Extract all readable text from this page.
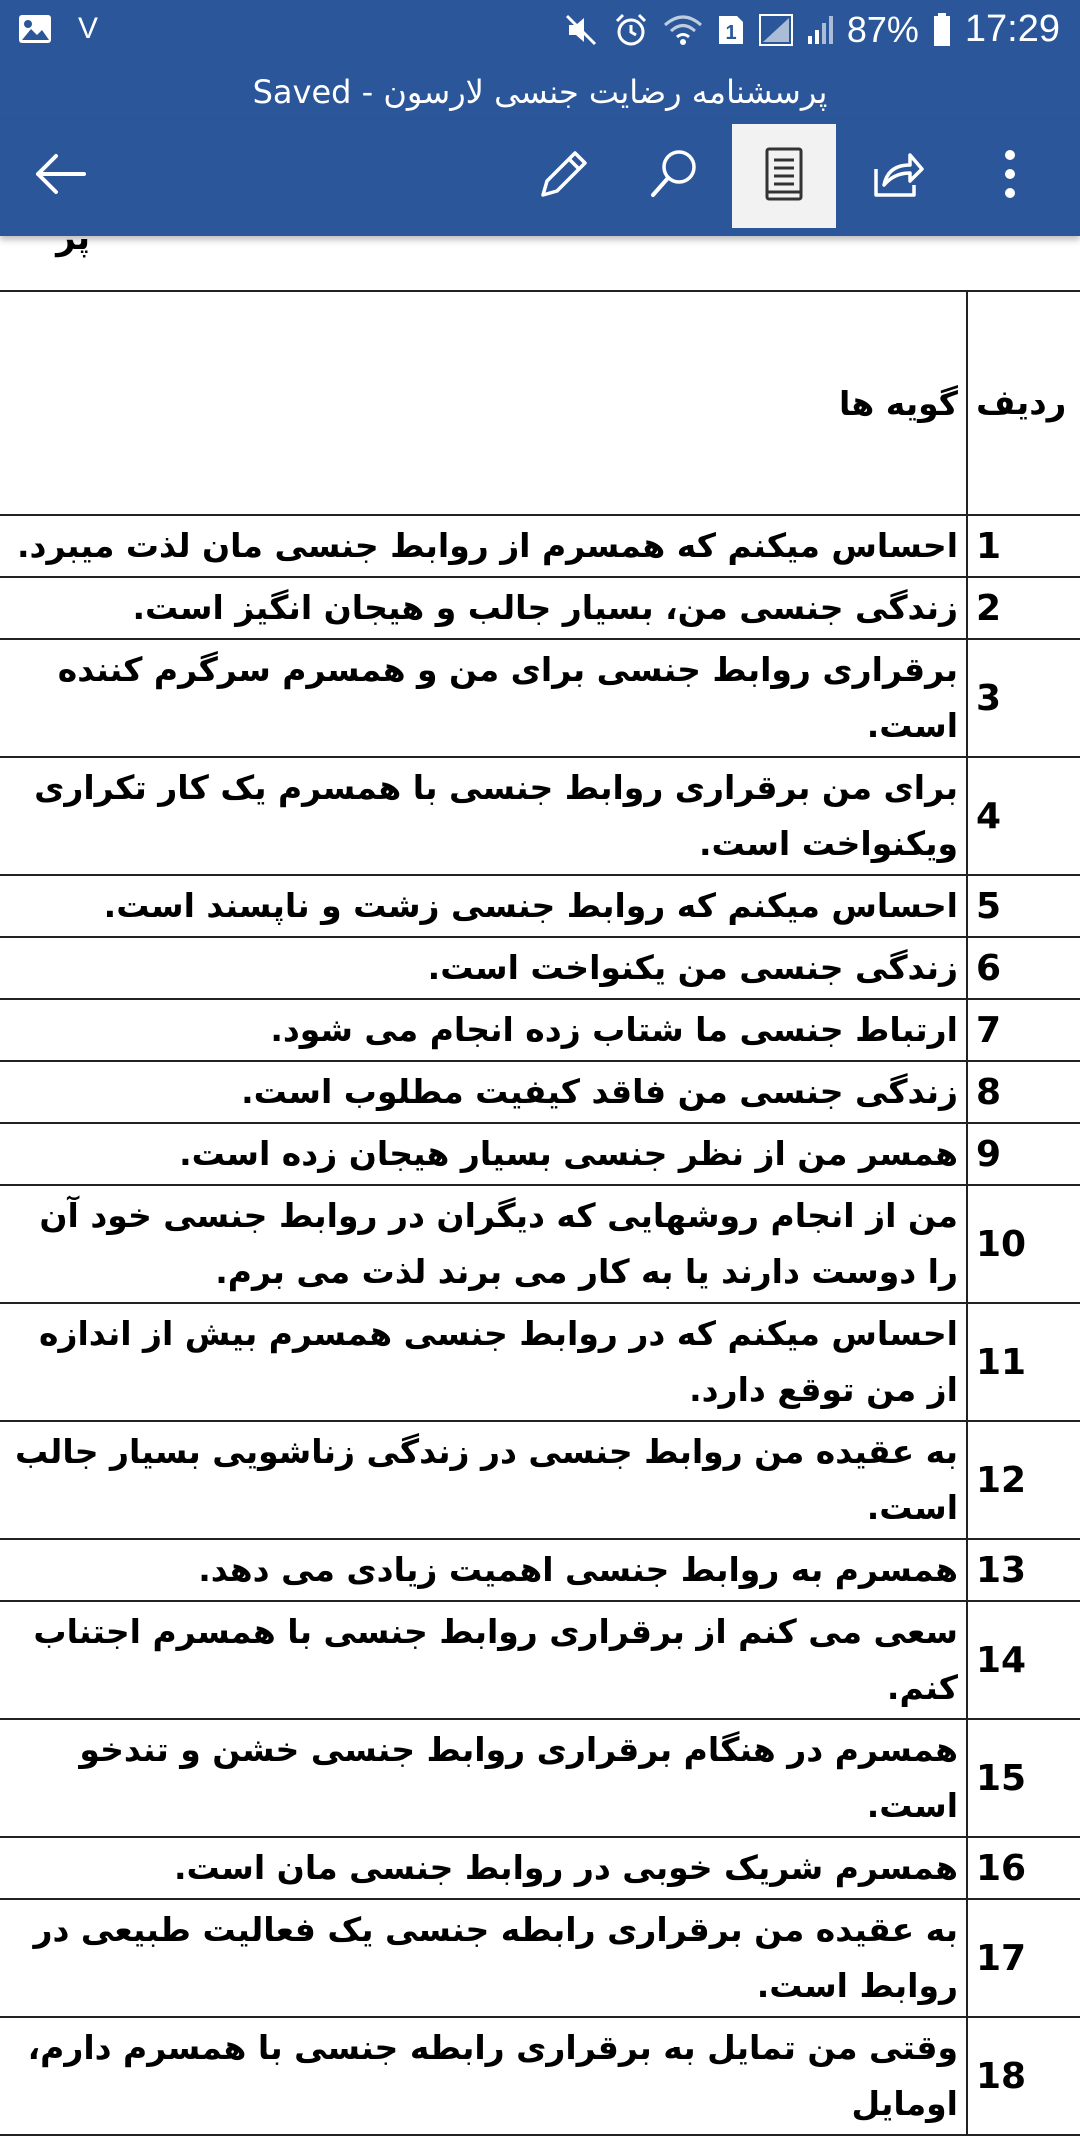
V	1	87% 17:29
پرسشنامه رضایت جنسی لارسون - Saved
پر
ردیف	گویه ها
1	احساس میکنم که همسرم از روابط جنسی مان لذت میبرد.
2	زندگی جنسی من، بسیار جالب و هیجان انگیز است.
3	برقراری روابط جنسی برای من و همسرم سرگرم کننده است.
4	برای من برقراری روابط جنسی با همسرم یک کار تکراری ویکنواخت است.
5	احساس میکنم که روابط جنسی زشت و ناپسند است.
6	زندگی جنسی من یکنواخت است.
7	ارتباط جنسی ما شتاب زده انجام می شود.
8	زندگی جنسی من فاقد کیفیت مطلوب است.
9	همسر من از نظر جنسی بسیار هیجان زده است.
10	من از انجام روشهایی که دیگران در روابط جنسی خود آن را دوست دارند یا به کار می برند لذت می برم.
11	احساس میکنم که در روابط جنسی همسرم بیش از اندازه از من توقع دارد.
12	به عقیده من روابط جنسی در زندگی زناشویی بسیار جالب است.
13	همسرم به روابط جنسی اهمیت زیادی می دهد.
14	سعی می کنم از برقراری روابط جنسی با همسرم اجتناب کنم.
15	همسرم در هنگام برقراری روابط جنسی خشن و تندخو است.
16	همسرم شریک خوبی در روابط جنسی مان است.
17	به عقیده من برقراری رابطه جنسی یک فعالیت طبیعی در روابط است.
18	وقتی من تمایل به برقراری رابطه جنسی با همسرم دارم، اومایل
